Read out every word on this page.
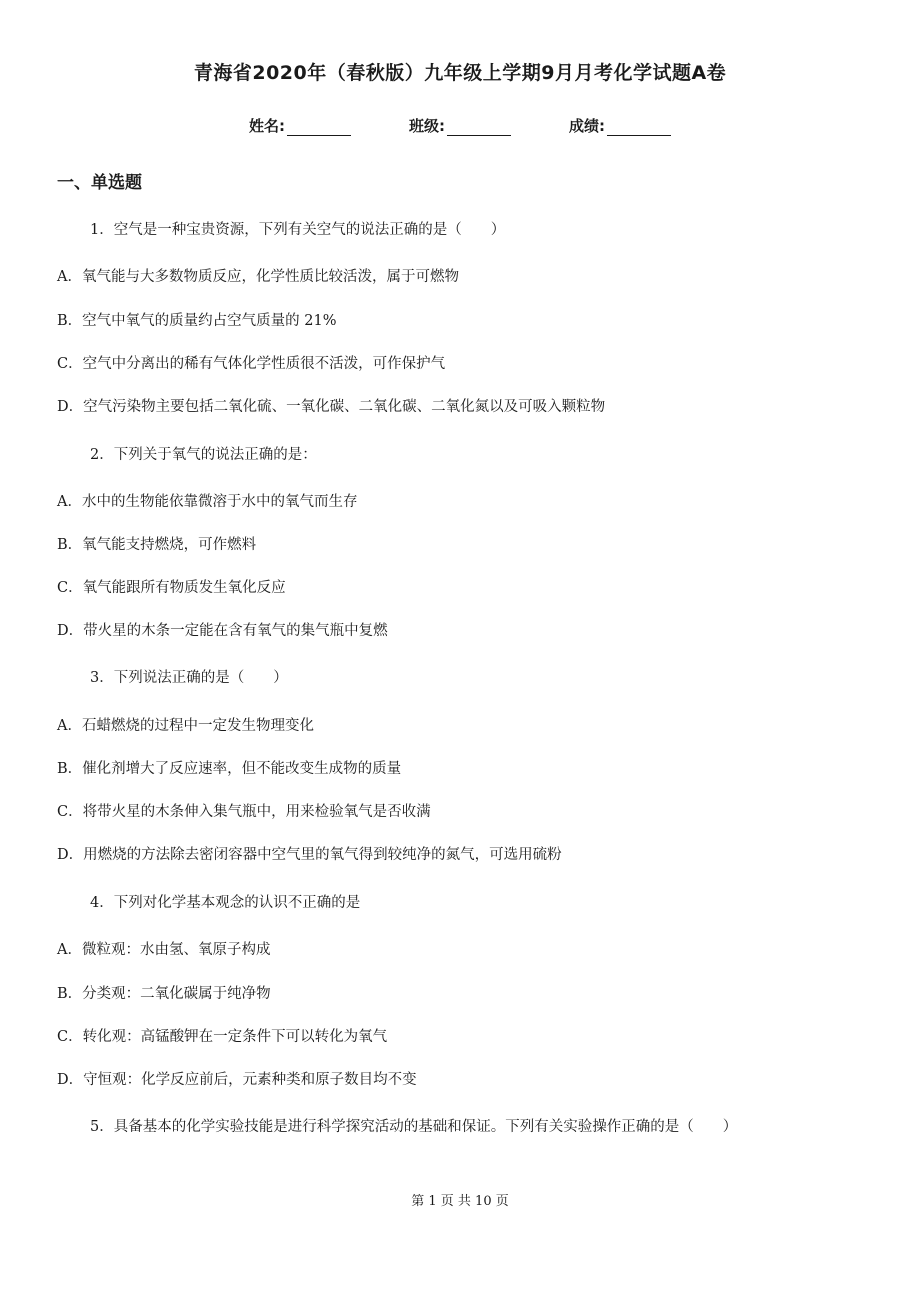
青海省2020年（春秋版）九年级上学期9月月考化学试题A卷
姓名:	班级:	成绩:
一、单选题
1．空气是一种宝贵资源，下列有关空气的说法正确的是（　　）
A．氧气能与大多数物质反应，化学性质比较活泼，属于可燃物
B．空气中氧气的质量约占空气质量的 21%
C．空气中分离出的稀有气体化学性质很不活泼，可作保护气
D．空气污染物主要包括二氧化硫、一氧化碳、二氧化碳、二氧化氮以及可吸入颗粒物
2．下列关于氧气的说法正确的是：
A．水中的生物能依靠微溶于水中的氧气而生存
B．氧气能支持燃烧，可作燃料
C．氧气能跟所有物质发生氧化反应
D．带火星的木条一定能在含有氧气的集气瓶中复燃
3．下列说法正确的是（　　）
A．石蜡燃烧的过程中一定发生物理变化
B．催化剂增大了反应速率，但不能改变生成物的质量
C．将带火星的木条伸入集气瓶中，用来检验氧气是否收满
D．用燃烧的方法除去密闭容器中空气里的氧气得到较纯净的氮气，可选用硫粉
4．下列对化学基本观念的认识不正确的是
A．微粒观：水由氢、氧原子构成
B．分类观：二氧化碳属于纯净物
C．转化观：高锰酸钾在一定条件下可以转化为氧气
D．守恒观：化学反应前后，元素种类和原子数目均不变
5．具备基本的化学实验技能是进行科学探究活动的基础和保证。下列有关实验操作正确的是（　　）
第 1 页 共 10 页
